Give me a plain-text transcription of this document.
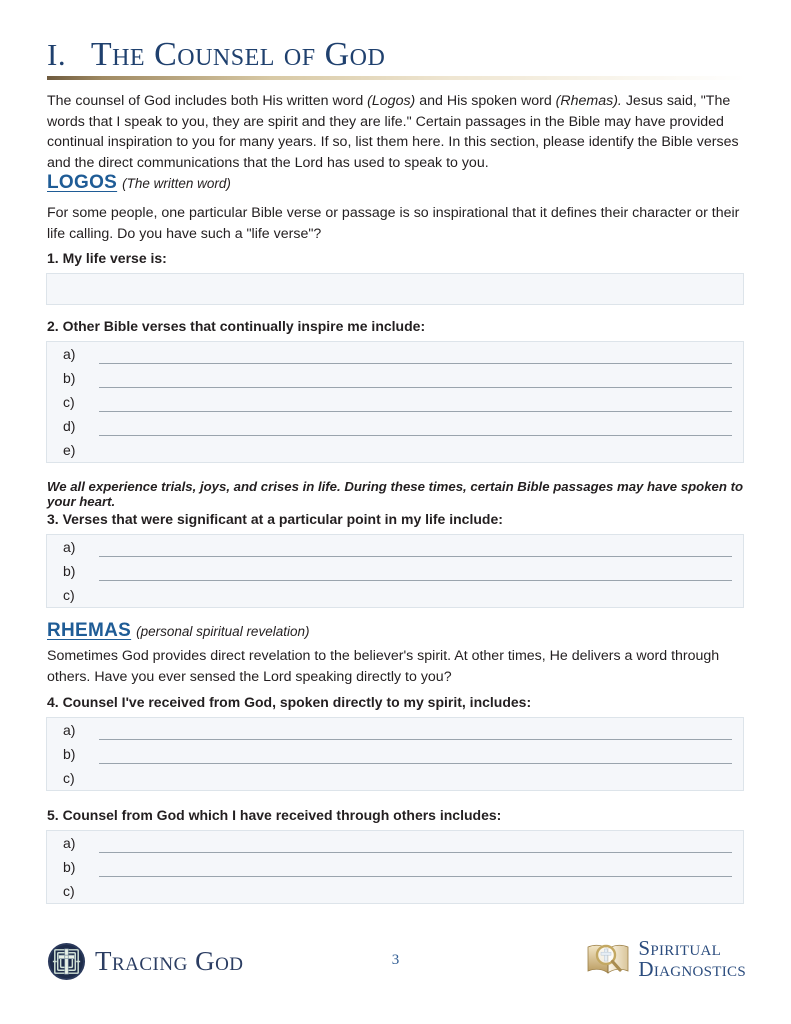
I. The Counsel of God
The counsel of God includes both His written word (Logos) and His spoken word (Rhemas). Jesus said, "The words that I speak to you, they are spirit and they are life." Certain passages in the Bible may have provided continual inspiration to you for many years. If so, list them here. In this section, please identify the Bible verses and the direct communications that the Lord has used to speak to you.
LOGOS (The written word)
For some people, one particular Bible verse or passage is so inspirational that it defines their character or their life calling. Do you have such a "life verse"?
1. My life verse is:
2. Other Bible verses that continually inspire me include:
a)
b)
c)
d)
e)
We all experience trials, joys, and crises in life. During these times, certain Bible passages may have spoken to your heart.
3. Verses that were significant at a particular point in my life include:
a)
b)
c)
RHEMAS (personal spiritual revelation)
Sometimes God provides direct revelation to the believer's spirit. At other times, He delivers a word through others. Have you ever sensed the Lord speaking directly to you?
4. Counsel I've received from God, spoken directly to my spirit, includes:
a)
b)
c)
5. Counsel from God which I have received through others includes:
a)
b)
c)
Tracing God	3	Spiritual
Diagnostics
